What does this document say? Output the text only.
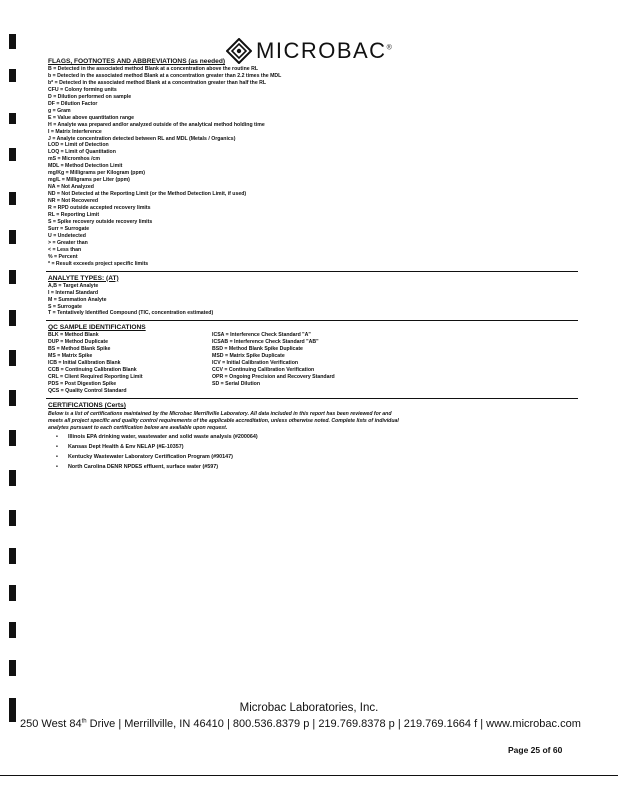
MICROBAC®
FLAGS, FOOTNOTES AND ABBREVIATIONS (as needed)
B = Detected in the associated method Blank at a concentration above the routine RL
b = Detected in the associated method Blank at a concentration greater than 2.2 times the MDL
b* = Detected in the associated method Blank at a concentration greater than half the RL
CFU = Colony forming units
D = Dilution performed on sample
DF = Dilution Factor
g = Gram
E = Value above quantitation range
H = Analyte was prepared and/or analyzed outside of the analytical method holding time
I = Matrix Interference
J = Analyte concentration detected between RL and MDL (Metals / Organics)
LOD = Limit of Detection
LOQ = Limit of Quantitation
mS = Micromhos /cm
MDL = Method Detection Limit
mg/Kg = Milligrams per Kilogram (ppm)
mg/L = Milligrams per Liter (ppm)
NA = Not Analyzed
ND = Not Detected at the Reporting Limit (or the Method Detection Limit, if used)
NR = Not Recovered
R = RPD outside accepted recovery limits
RL = Reporting Limit
S = Spike recovery outside recovery limits
Surr = Surrogate
U = Undetected
> = Greater than
< = Less than
% = Percent
* = Result exceeds project specific limits
ANALYTE TYPES: (AT)
A,B = Target Analyte
I = Internal Standard
M = Summation Analyte
S = Surrogate
T = Tentatively Identified Compound (TIC, concentration estimated)
QC SAMPLE IDENTIFICATIONS
BLK = Method Blank
DUP = Method Duplicate
BS = Method Blank Spike
MS = Matrix Spike
ICB = Initial Calibration Blank
CCB = Continuing Calibration Blank
CRL = Client Required Reporting Limit
PDS = Post Digestion Spike
QCS = Quality Control Standard
ICSA = Interference Check Standard "A"
ICSAB = Interference Check Standard "AB"
BSD = Method Blank Spike Duplicate
MSD = Matrix Spike Duplicate
ICV = Initial Calibration Verification
CCV = Continuing Calibration Verification
OPR = Ongoing Precision and Recovery Standard
SD = Serial Dilution
CERTIFICATIONS (Certs)
Below is a list of certifications maintained by the Microbac Merrillville Laboratory. All data included in this report has been reviewed for and
meets all project specific and quality control requirements of the applicable accreditation, unless otherwise noted. Complete lists of individual
analytes pursuant to each certification below are available upon request.
• Illinois EPA drinking water, wastewater and solid waste analysis (#200064)
• Kansas Dept Health & Env NELAP (#E-10357)
• Kentucky Wastewater Laboratory Certification Program (#90147)
• North Carolina DENR NPDES effluent, surface water (#597)
Microbac Laboratories, Inc.
250 West 84th Drive | Merrillville, IN 46410 | 800.536.8379 p | 219.769.8378 p | 219.769.1664 f | www.microbac.com
Page 25 of 60
